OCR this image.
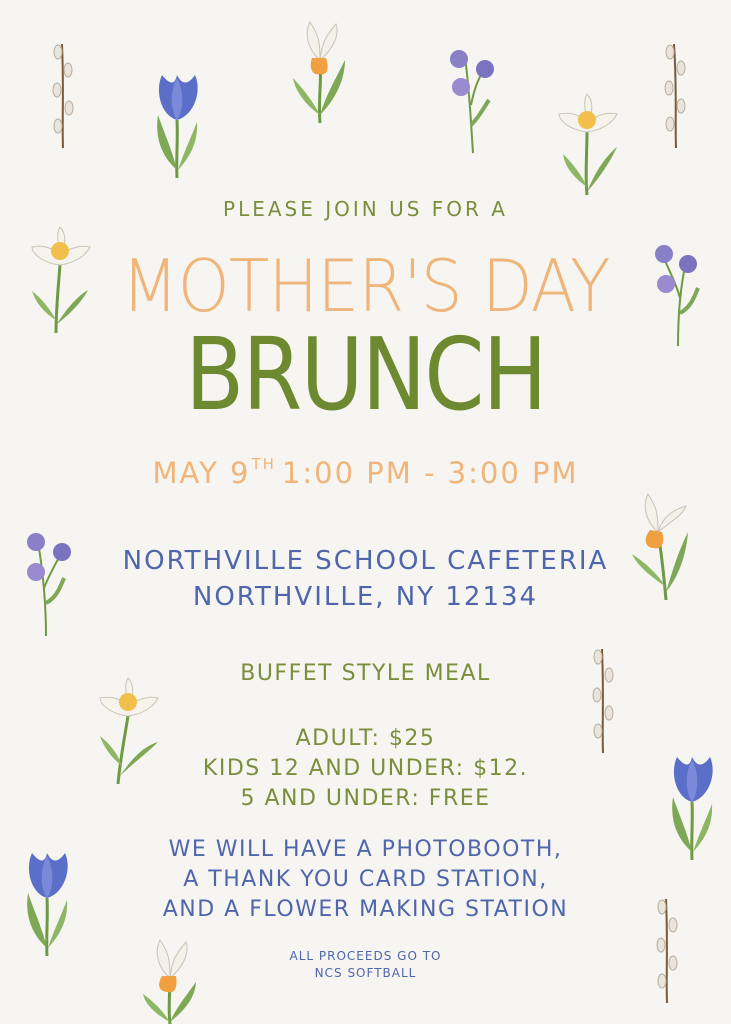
PLEASE JOIN US FOR A

MOTHER'S DAY

BRUNCH

MAY 9TH 1:00 PM - 3:00 PM

NORTHVILLE SCHOOL CAFETERIA
NORTHVILLE, NY 12134

BUFFET STYLE MEAL

ADULT: $25
KIDS 12 AND UNDER: $12.
5 AND UNDER: FREE

WE WILL HAVE A PHOTOBOOTH,
A THANK YOU CARD STATION,
AND A FLOWER MAKING STATION

ALL PROCEEDS GO TO
NCS SOFTBALL
